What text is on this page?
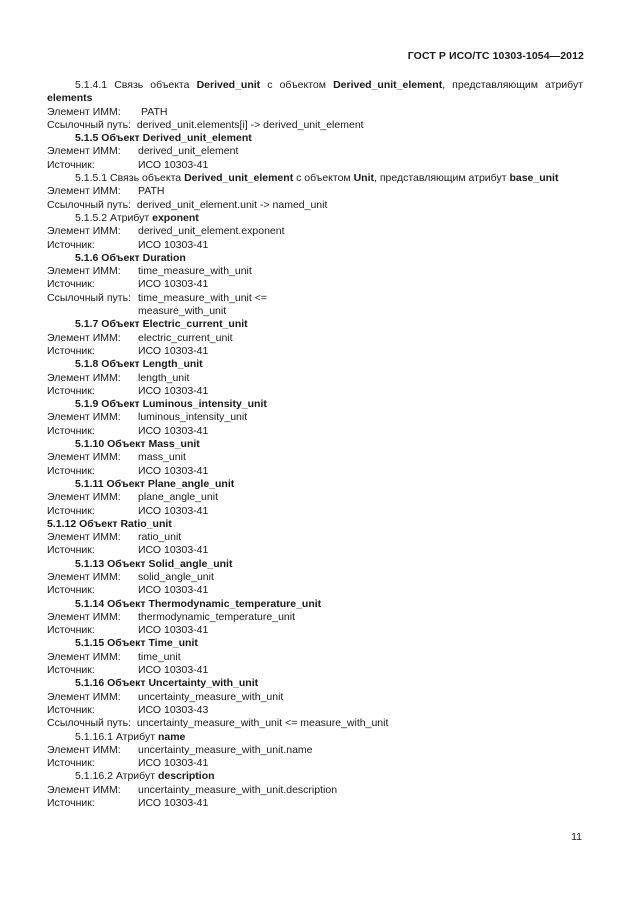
ГОСТ Р ИСО/ТС 10303-1054—2012
5.1.4.1 Связь объекта Derived_unit с объектом Derived_unit_element, представляющим атрибут
elements
Элемент ИММ: PATH
Ссылочный путь: derived_unit.elements[i] -> derived_unit_element
5.1.5 Объект Derived_unit_element
Элемент ИММ: derived_unit_element
Источник:	ИСО 10303-41
5.1.5.1 Связь объекта Derived_unit_element с объектом Unit, представляющим атрибут base_unit
Элемент ИММ: PATH
Ссылочный путь: derived_unit_element.unit -> named_unit
5.1.5.2 Атрибут exponent
Элемент ИММ: derived_unit_element.exponent
Источник:	ИСО 10303-41
5.1.6 Объект Duration
Элемент ИММ: time_measure_with_unit
Источник:	ИСО 10303-41
Ссылочный путь: time_measure_with_unit <=
measure_with_unit
5.1.7 Объект Electric_current_unit
Элемент ИММ: electric_current_unit
Источник:	ИСО 10303-41
5.1.8 Объект Length_unit
Элемент ИММ: length_unit
Источник:	ИСО 10303-41
5.1.9 Объект Luminous_intensity_unit
Элемент ИММ: luminous_intensity_unit
Источник:	ИСО 10303-41
5.1.10 Объект Mass_unit
Элемент ИММ: mass_unit
Источник:	ИСО 10303-41
5.1.11 Объект Plane_angle_unit
Элемент ИММ: plane_angle_unit
Источник:	ИСО 10303-41
5.1.12 Объект Ratio_unit
Элемент ИММ: ratio_unit
Источник:	ИСО 10303-41
5.1.13 Объект Solid_angle_unit
Элемент ИММ: solid_angle_unit
Источник:	ИСО 10303-41
5.1.14 Объект Thermodynamic_temperature_unit
Элемент ИММ: thermodynamic_temperature_unit
Источник:	ИСО 10303-41
5.1.15 Объект Time_unit
Элемент ИММ: time_unit
Источник:	ИСО 10303-41
5.1.16 Объект Uncertainty_with_unit
Элемент ИММ: uncertainty_measure_with_unit
Источник:	ИСО 10303-43
Ссылочный путь: uncertainty_measure_with_unit <= measure_with_unit
5.1.16.1 Атрибут name
Элемент ИММ: uncertainty_measure_with_unit.name
Источник:	ИСО 10303-41
5.1.16.2 Атрибут description
Элемент ИММ: uncertainty_measure_with_unit.description
Источник:	ИСО 10303-41
11
